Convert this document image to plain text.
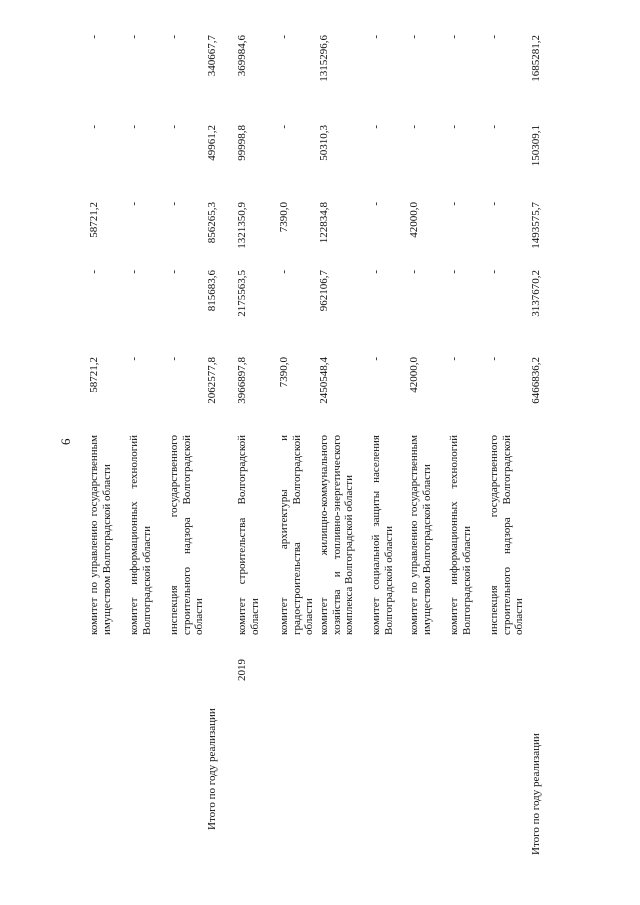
6 комитет по управлению государственным имуществом Волгоградской области
58721,2
-
58721,2
-
-
комитет информационных технологий Волгоградской области
-
-
-
-
-
инспекция государственного строительного надзора Волгоградской области
-
-
-
-
-
Итого по году реализации
2062577,8
815683,6
856265,3
49961,2
340667,7
2019
комитет строительства Волгоградской области
3966897,8
2175563,5
1321350,9
99998,8
369984,6
комитет архитектуры и градостроительства Волгоградской области
7390,0
-
7390,0
-
-
комитет жилищно-коммунального хозяйства и топливно-энергетического комплекса Волгоградской области
2450548,4
962106,7
122834,8
50310,3
1315296,6
комитет социальной защиты населения Волгоградской области
-
-
-
-
-
комитет по управлению государственным имуществом Волгоградской области
42000,0
-
42000,0
-
-
комитет информационных технологий Волгоградской области
-
-
-
-
-
инспекция государственного строительного надзора Волгоградской области
-
-
-
-
-
Итого по году реализации
6466836,2
3137670,2
1493575,7
150309,1
1685281,2
